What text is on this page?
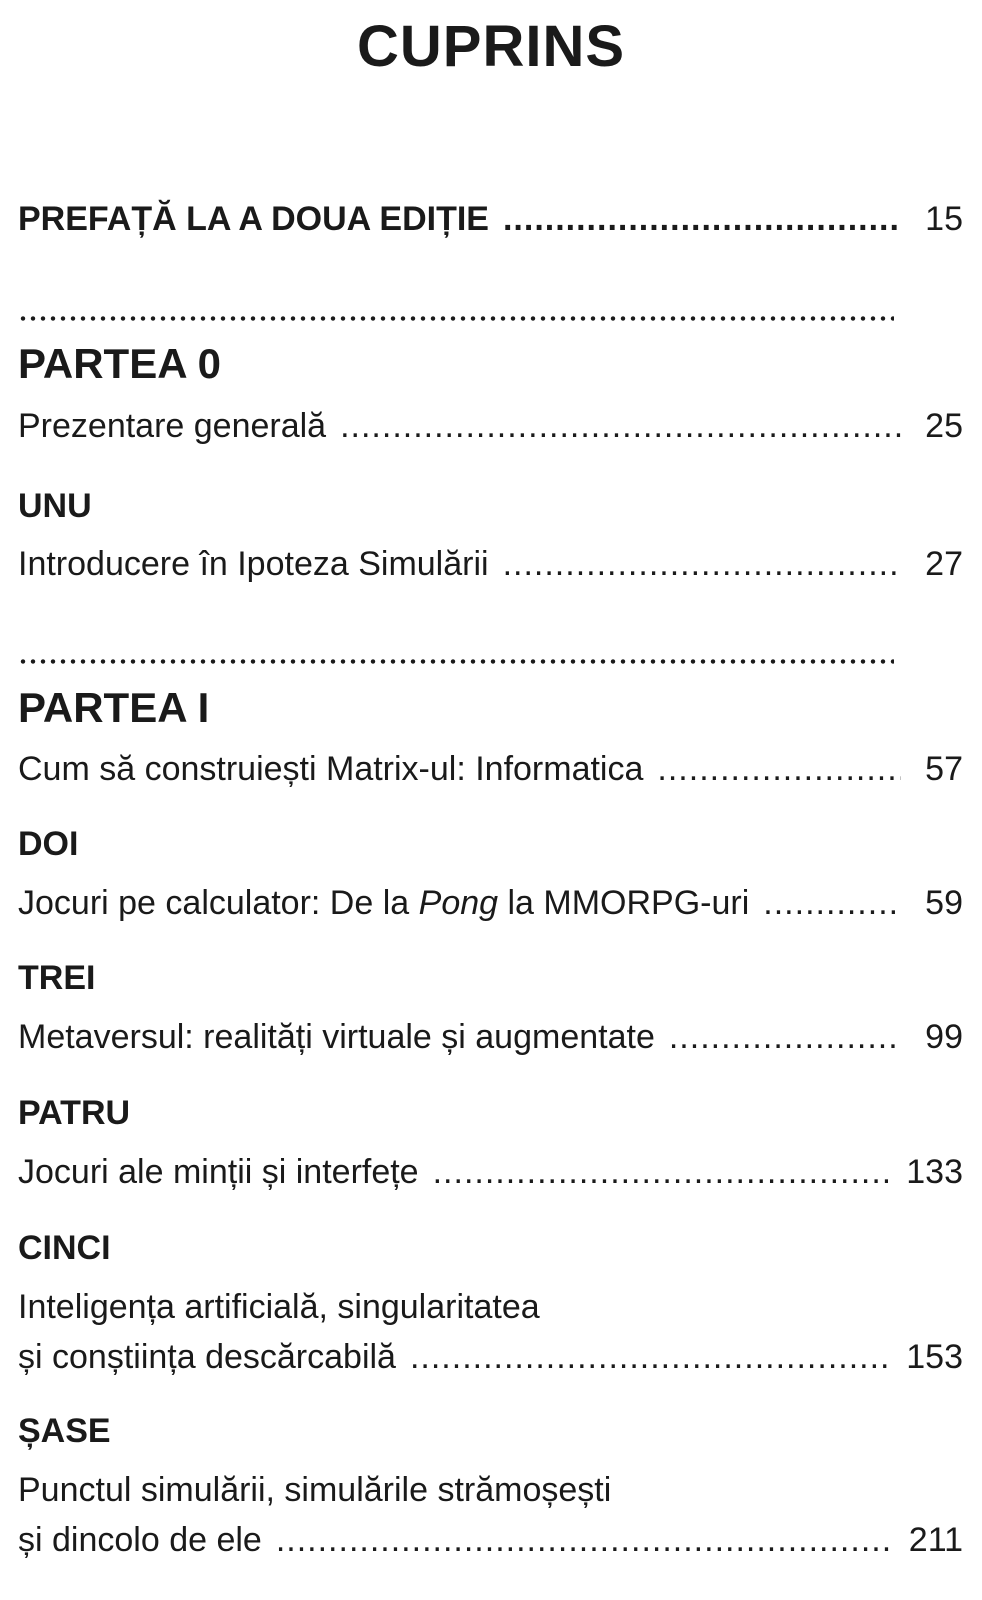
CUPRINS
PREFAȚĂ LA A DOUA EDIȚIE .....	15
PARTEA 0
Prezentare generală .....	25
UNU
Introducere în Ipoteza Simulării .....	27
PARTEA I
Cum să construiești Matrix-ul: Informatica .....	57
DOI
Jocuri pe calculator: De la Pong la MMORPG-uri .....	59
TREI
Metaversul: realități virtuale și augmentate .....	99
PATRU
Jocuri ale minții și interfețe .....	133
CINCI
Inteligența artificială, singularitatea
și conștiința descărcabilă .....	153
ȘASE
Punctul simulării, simulările strămoșești
și dincolo de ele .....	211
